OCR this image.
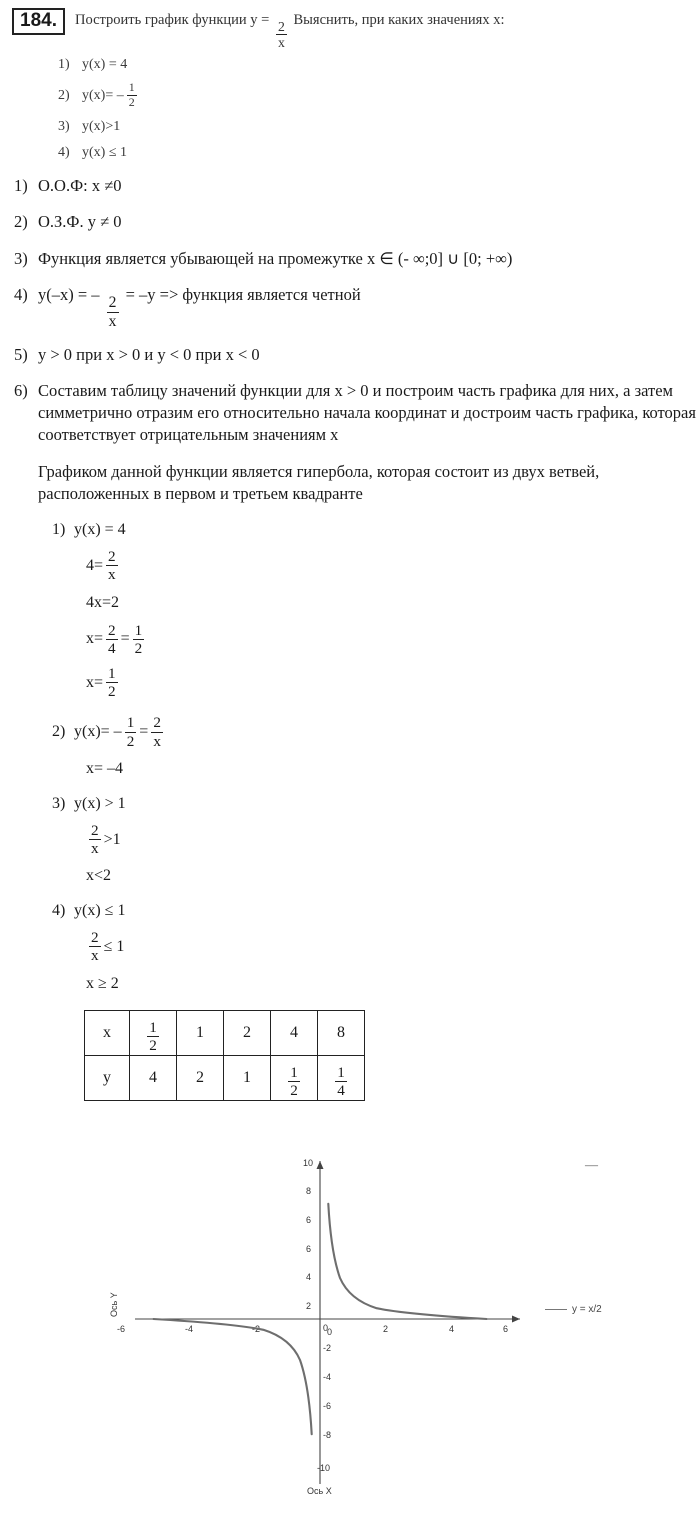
184.	Построить график функции $y = \frac{2}{x}$ Выяснить, при каких значениях x:
1) y(x) = 4
2) $y(x)= - \frac{1}{2}$
3) y(x)>1
4) y(x) ≤ 1
1) О.О.Ф: x ≠0
2) О.З.Ф. y ≠ 0
3) Функция является убывающей на промежутке x ∈ (- ∞;0] ∪ [0; +∞)
4) y(–x) = –
$\frac{2}{x}$
= –y => функция является четной
5) y > 0 при x > 0 и y < 0 при x < 0
6) Составим таблицу значений функции для x > 0 и построим часть графика для них, а затем симметрично отразим его относительно начала координат и достроим часть графика, которая соответствует отрицательным значениям x
Графиком данной функции является гипербола, которая состоит из двух ветвей, расположенных в первом и третьем квадранте
1) y(x) = 4
$4= \frac{2}{x}$
4x=2
$x= \frac{2}{4} = \frac{1}{2}$
$x= \frac{1}{2}$
2) $y(x)= - \frac{1}{2} = \frac{2}{x}$
x= –4
3) y(x) > 1
$\frac{2}{x} >1$
x<2
4) y(x) ≤ 1
$\frac{2}{x} \le 1$
x ≥ 2
x	$\frac{1}{2}$	1	2	4	8
y	4	2	1	$\frac{1}{2}$	$\frac{1}{4}$
—
y = x/2
10
8
6
6
4
2
0
-2
-4
-6
-8
-10
-6	-4	-2	0	2	4	6
Ось Y
Ось X
